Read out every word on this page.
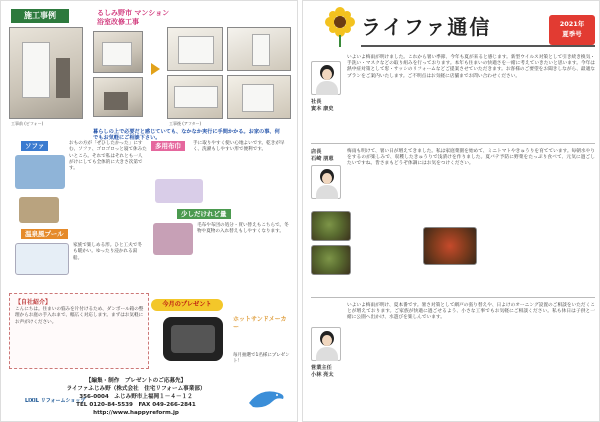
施工事例	るしみ野市 マンション
浴室改修工事
工事前 (ビフォー)	工事後 (アフター)
暮らしの上で必要だと感じていても、なかなか実行に手間かかる。お家の事、何でもお気軽にご相談下さい。
ソファ	おもの方が「ぜひしたかった」にすむ、ソファ、ゴロゴロっと寝て休みたいところ。それで私はそれとも一人がけにしても全体的に大きさ次第です。
多用布巾	手に取りやすく使い心地よいです。乾きが早く、洗濯もしやすい形で便利です。
少しだけれど量
毛布や布団の処分・買い替えもこちらで。冬物や夏物の入れ替えもしやすくなります。
温泉風プール
家族で楽しめる形。ひと工夫で冬も暖かい。ゆったり浸かれる湯船。
【自社紹介】
こんにちは。住まいの悩みを片付けるため、ダンボール箱の整理からお庭の手入れまで、幅広く対応します。まずはお気軽にお声がけください。
今月のプレゼント
ホットサンドメーカー
毎月抽選で1名様にプレゼント！
【編集・制作　プレゼントのご応募先】
ライファふじみ野（株式会社　住宅リフォーム事業部）
356-0004　ふじみ野市上福岡１－４－１２
TEL 0120-84-5539　FAX 049-266-2841
http://www.happyreform.jp
LIXIL リフォームショップ
ライファ通信	2021年
夏季号
社長
寅本 康史
いよいよ梅雨が明けました。これから暑い季節、今年も夏が来ると感じます。新型ウイルス対策として引き続き換気・手洗い・マスクなどの取り組みを行っております。本年も住まいの快適さを一緒に考えていきたいと思います。今年は熱中症対策として窓・サッシのリフォームなどご提案させていただきます。お客様のご要望をお聞きしながら、最適なプランをご案内いたします。ご不明点はお気軽に店舗までお問い合わせください。
店長
石崎 朋恵
梅雨も明けて、暑い日が増えてきました。私は家庭菜園を始めて、ミニトマトやきゅうりを育てています。毎朝水やりをするのが楽しみで、収穫したきゅうりで浅漬けを作りました。夏バテ予防に野菜をたっぷり食べて、元気に過ごしたいですね。皆さまもどうぞ体調にはお気をつけください。
営業主任
小林 亮太
いよいよ梅雨が明け、夏本番です。暑さ対策として網戸の張り替えや、日よけのオーニング設置のご相談をいただくことが増えております。ご家族が快適に過ごせるよう、小さな工事でもお気軽にご相談ください。私も休日は子供と一緒に公園へ出かけ、水遊びを楽しんでいます。
